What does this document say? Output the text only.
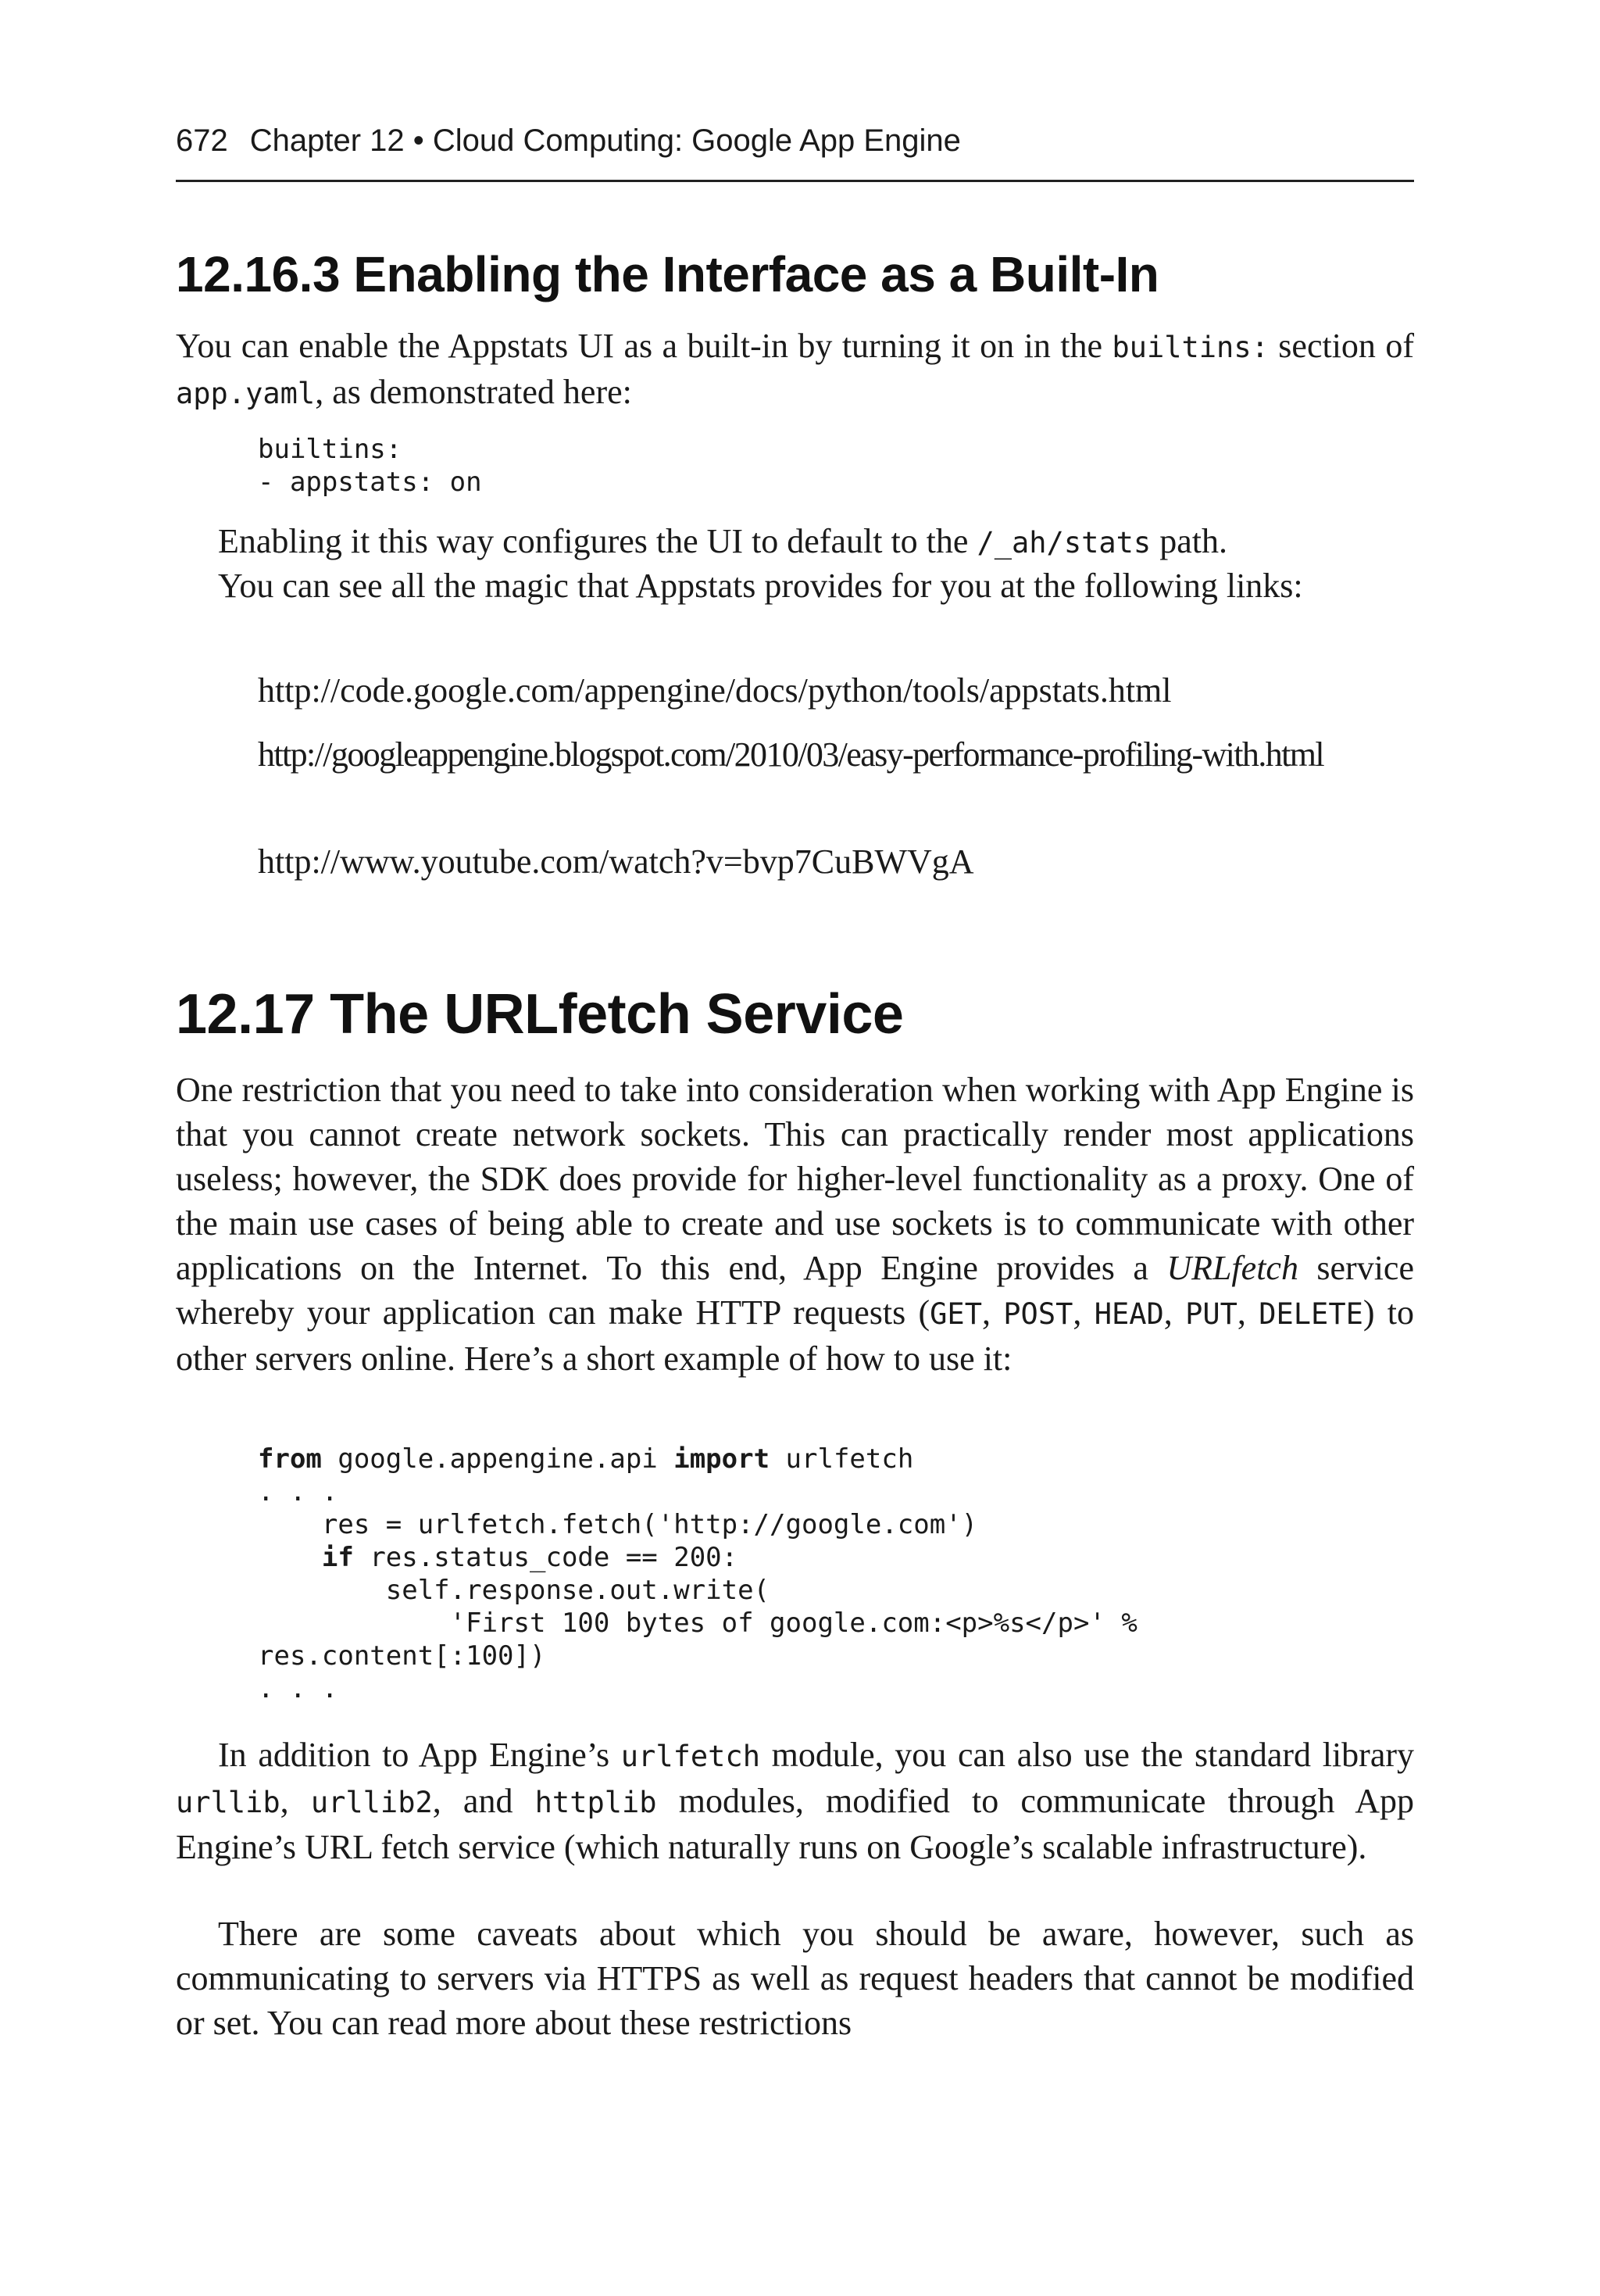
672 Chapter 12 • Cloud Computing: Google App Engine
12.16.3 Enabling the Interface as a Built-In

You can enable the Appstats UI as a built-in by turning it on in the builtins: section of app.yaml, as demonstrated here:

builtins:
- appstats: on

Enabling it this way configures the UI to default to the /_ah/stats path.

You can see all the magic that Appstats provides for you at the following links:

http://code.google.com/appengine/docs/python/tools/appstats.html
http://googleappengine.blogspot.com/2010/03/easy-performance-profiling-with.html
http://www.youtube.com/watch?v=bvp7CuBWVgA
12.17 The URLfetch Service

One restriction that you need to take into consideration when working with App Engine is that you cannot create network sockets. This can practically render most applications useless; however, the SDK does provide for higher-level functionality as a proxy. One of the main use cases of being able to create and use sockets is to communicate with other applications on the Internet. To this end, App Engine provides a URLfetch service whereby your application can make HTTP requests (GET, POST, HEAD, PUT, DELETE) to other servers online. Here’s a short example of how to use it:

from google.appengine.api import urlfetch
. . .
res = urlfetch.fetch('http://google.com')
if res.status_code == 200:
self.response.out.write(
'First 100 bytes of google.com:<p>%s</p>' %
res.content[:100])
. . .

In addition to App Engine’s urlfetch module, you can also use the standard library urllib, urllib2, and httplib modules, modified to communicate through App Engine’s URL fetch service (which naturally runs on Google’s scalable infrastructure).

There are some caveats about which you should be aware, however, such as communicating to servers via HTTPS as well as request headers that cannot be modified or set. You can read more about these restrictions
